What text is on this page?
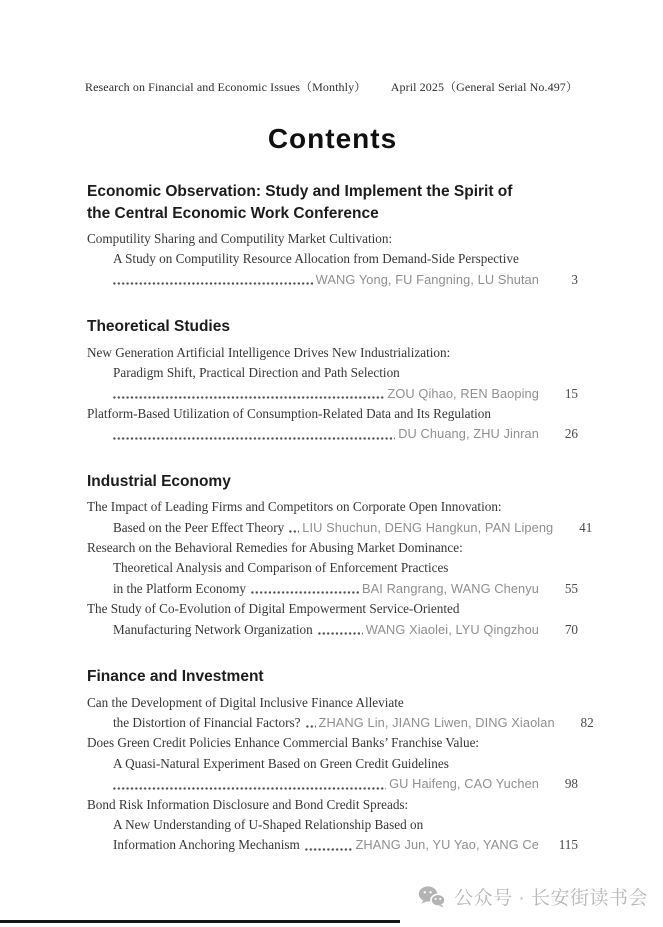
Research on Financial and Economic Issues（Monthly） April 2025（General Serial No.497）
Contents
Economic Observation: Study and Implement the Spirit of
the Central Economic Work Conference
Computility Sharing and Computility Market Cultivation:
A Study on Computility Resource Allocation from Demand-Side Perspective
WANG Yong, FU Fangning, LU Shutan	3
Theoretical Studies
New Generation Artificial Intelligence Drives New Industrialization:
Paradigm Shift, Practical Direction and Path Selection
ZOU Qihao, REN Baoping	15
Platform-Based Utilization of Consumption-Related Data and Its Regulation
DU Chuang, ZHU Jinran	26
Industrial Economy
The Impact of Leading Firms and Competitors on Corporate Open Innovation:
Based on the Peer Effect Theory LIU Shuchun, DENG Hangkun, PAN Lipeng	41
Research on the Behavioral Remedies for Abusing Market Dominance:
Theoretical Analysis and Comparison of Enforcement Practices
in the Platform Economy	BAI Rangrang, WANG Chenyu	55
The Study of Co-Evolution of Digital Empowerment Service-Oriented
Manufacturing Network Organization	WANG Xiaolei, LYU Qingzhou	70
Finance and Investment
Can the Development of Digital Inclusive Finance Alleviate
the Distortion of Financial Factors? ZHANG Lin, JIANG Liwen, DING Xiaolan	82
Does Green Credit Policies Enhance Commercial Banks’ Franchise Value:
A Quasi-Natural Experiment Based on Green Credit Guidelines
GU Haifeng, CAO Yuchen	98
Bond Risk Information Disclosure and Bond Credit Spreads:
A New Understanding of U-Shaped Relationship Based on
Information Anchoring Mechanism	ZHANG Jun, YU Yao, YANG Ce	115
公众号 · 长安街读书会
